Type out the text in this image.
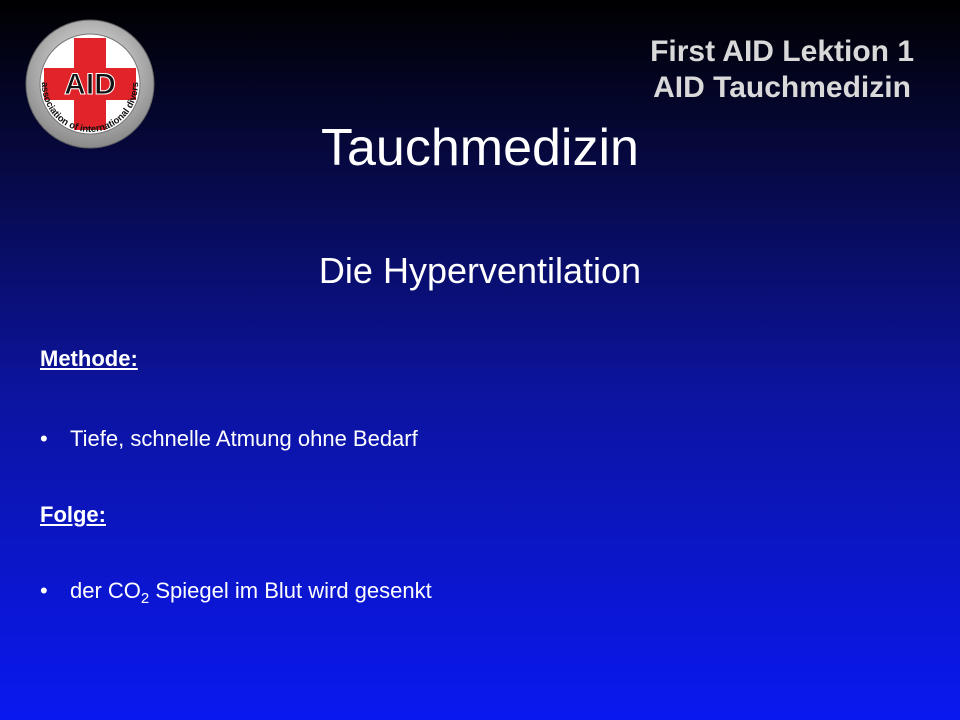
AID
association of international divers
First AID Lektion 1
AID Tauchmedizin
Tauchmedizin
Die Hyperventilation
Methode:
• Tiefe, schnelle Atmung ohne Bedarf
Folge:
• der $CO_2$ Spiegel im Blut wird gesenkt
